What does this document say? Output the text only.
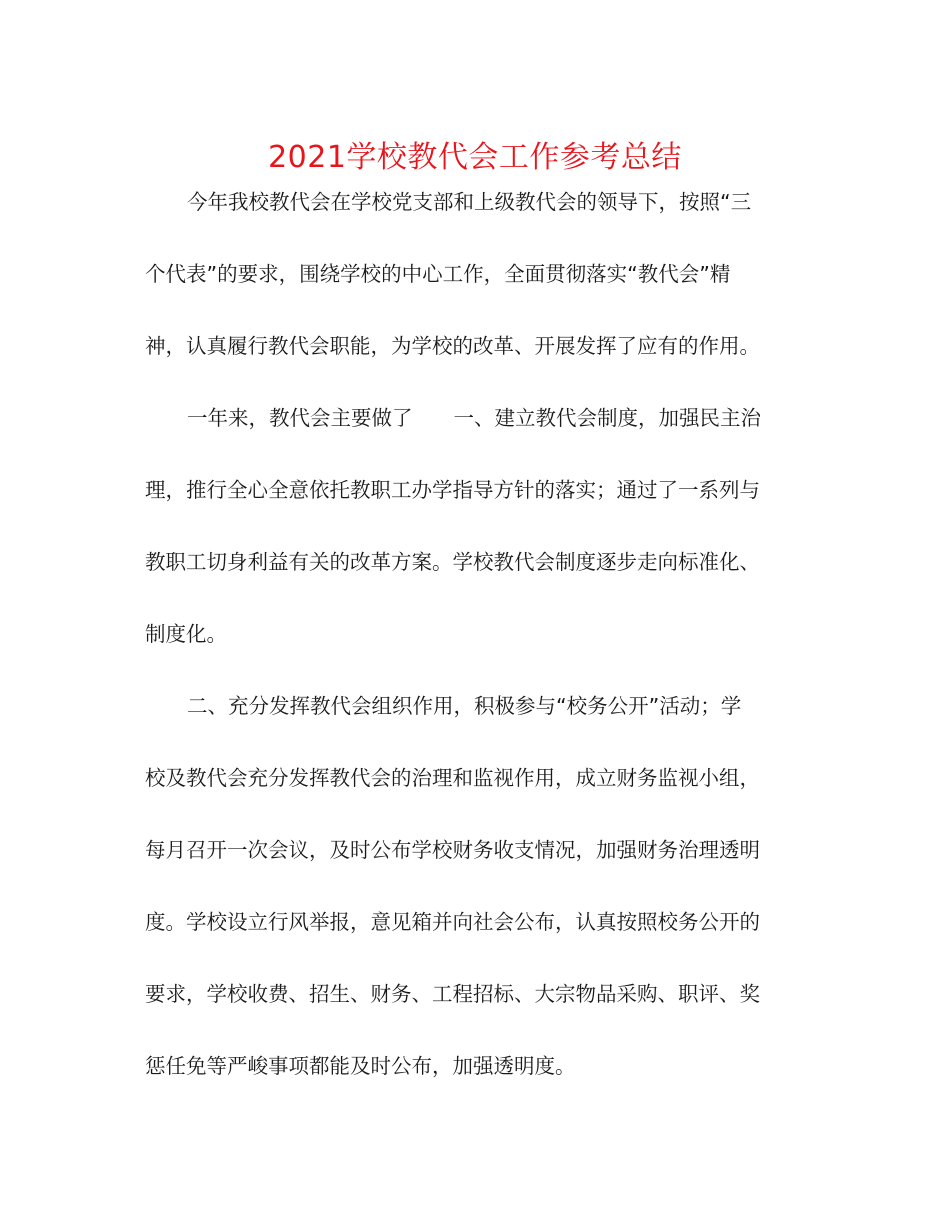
2021学校教代会工作参考总结
今年我校教代会在学校党支部和上级教代会的领导下，按照“三
个代表”的要求，围绕学校的中心工作，全面贯彻落实“教代会”精
神，认真履行教代会职能，为学校的改革、开展发挥了应有的作用。
一年来，教代会主要做了　　一、建立教代会制度，加强民主治
理，推行全心全意依托教职工办学指导方针的落实；通过了一系列与
教职工切身利益有关的改革方案。学校教代会制度逐步走向标准化、
制度化。
二、充分发挥教代会组织作用，积极参与“校务公开”活动；学
校及教代会充分发挥教代会的治理和监视作用，成立财务监视小组，
每月召开一次会议，及时公布学校财务收支情况，加强财务治理透明
度。学校设立行风举报，意见箱并向社会公布，认真按照校务公开的
要求，学校收费、招生、财务、工程招标、大宗物品采购、职评、奖
惩任免等严峻事项都能及时公布，加强透明度。
